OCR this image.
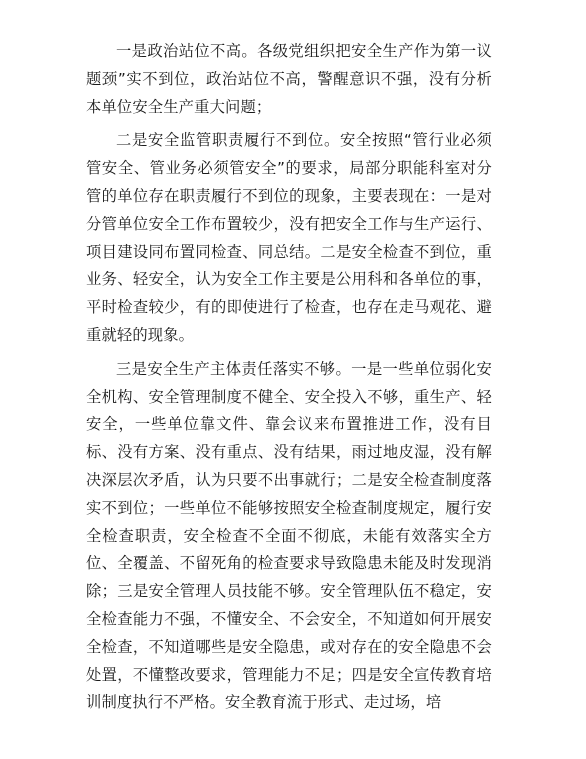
一是政治站位不高。各级党组织把安全生产作为第一议题颈”实不到位，政治站位不高，警醒意识不强，没有分析本单位安全生产重大问题；

二是安全监管职责履行不到位。安全按照“管行业必须管安全、管业务必须管安全”的要求，局部分职能科室对分管的单位存在职责履行不到位的现象，主要表现在：一是对分管单位安全工作布置较少，没有把安全工作与生产运行、项目建设同布置同检查、同总结。二是安全检查不到位，重业务、轻安全，认为安全工作主要是公用科和各单位的事，平时检查较少，有的即使进行了检查，也存在走马观花、避重就轻的现象。

三是安全生产主体责任落实不够。一是一些单位弱化安全机构、安全管理制度不健全、安全投入不够，重生产、轻安全，一些单位靠文件、靠会议来布置推进工作，没有目标、没有方案、没有重点、没有结果，雨过地皮湿，没有解决深层次矛盾，认为只要不出事就行；二是安全检查制度落实不到位；一些单位不能够按照安全检查制度规定，履行安全检查职责，安全检查不全面不彻底，未能有效落实全方位、全覆盖、不留死角的检查要求导致隐患未能及时发现消除；三是安全管理人员技能不够。安全管理队伍不稳定，安全检查能力不强，不懂安全、不会安全，不知道如何开展安全检查，不知道哪些是安全隐患，或对存在的安全隐患不会处置，不懂整改要求，管理能力不足；四是安全宣传教育培训制度执行不严格。安全教育流于形式、走过场，培
